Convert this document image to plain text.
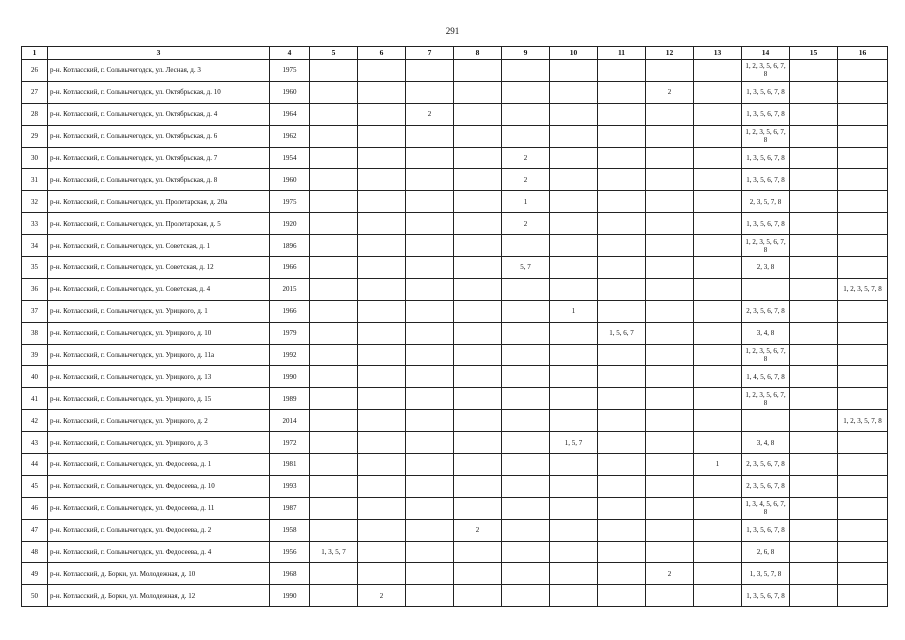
291
1	3	4	5	6	7	8	9	10	11	12	13	14	15	16
26	р-н. Котласский, г. Сольвычегодск, ул. Лесная, д. 3	1975										1, 2, 3, 5, 6, 7, 8		
27	р-н. Котласский, г. Сольвычегодск, ул. Октябрьская, д. 10	1960								2		1, 3, 5, 6, 7, 8		
28	р-н. Котласский, г. Сольвычегодск, ул. Октябрьская, д. 4	1964			2							1, 3, 5, 6, 7, 8		
29	р-н. Котласский, г. Сольвычегодск, ул. Октябрьская, д. 6	1962										1, 2, 3, 5, 6, 7, 8		
30	р-н. Котласский, г. Сольвычегодск, ул. Октябрьская, д. 7	1954					2					1, 3, 5, 6, 7, 8		
31	р-н. Котласский, г. Сольвычегодск, ул. Октябрьская, д. 8	1960					2					1, 3, 5, 6, 7, 8		
32	р-н. Котласский, г. Сольвычегодск, ул. Пролетарская, д. 20а	1975					1					2, 3, 5, 7, 8		
33	р-н. Котласский, г. Сольвычегодск, ул. Пролетарская, д. 5	1920					2					1, 3, 5, 6, 7, 8		
34	р-н. Котласский, г. Сольвычегодск, ул. Советская, д. 1	1896										1, 2, 3, 5, 6, 7, 8		
35	р-н. Котласский, г. Сольвычегодск, ул. Советская, д. 12	1966					5, 7					2, 3, 8		
36	р-н. Котласский, г. Сольвычегодск, ул. Советская, д. 4	2015												1, 2, 3, 5, 7, 8
37	р-н. Котласский, г. Сольвычегодск, ул. Урицкого, д. 1	1966						1				2, 3, 5, 6, 7, 8		
38	р-н. Котласский, г. Сольвычегодск, ул. Урицкого, д. 10	1979							1, 5, 6, 7			3, 4, 8		
39	р-н. Котласский, г. Сольвычегодск, ул. Урицкого, д. 11а	1992										1, 2, 3, 5, 6, 7, 8		
40	р-н. Котласский, г. Сольвычегодск, ул. Урицкого, д. 13	1990										1, 4, 5, 6, 7, 8		
41	р-н. Котласский, г. Сольвычегодск, ул. Урицкого, д. 15	1989										1, 2, 3, 5, 6, 7, 8		
42	р-н. Котласский, г. Сольвычегодск, ул. Урицкого, д. 2	2014												1, 2, 3, 5, 7, 8
43	р-н. Котласский, г. Сольвычегодск, ул. Урицкого, д. 3	1972						1, 5, 7				3, 4, 8		
44	р-н. Котласский, г. Сольвычегодск, ул. Федосеева, д. 1	1981									1	2, 3, 5, 6, 7, 8		
45	р-н. Котласский, г. Сольвычегодск, ул. Федосеева, д. 10	1993										2, 3, 5, 6, 7, 8		
46	р-н. Котласский, г. Сольвычегодск, ул. Федосеева, д. 11	1987										1, 3, 4, 5, 6, 7, 8		
47	р-н. Котласский, г. Сольвычегодск, ул. Федосеева, д. 2	1958				2						1, 3, 5, 6, 7, 8		
48	р-н. Котласский, г. Сольвычегодск, ул. Федосеева, д. 4	1956	1, 3, 5, 7									2, 6, 8		
49	р-н. Котласский, д. Борки, ул. Молодежная, д. 10	1968								2		1, 3, 5, 7, 8		
50	р-н. Котласский, д. Борки, ул. Молодежная, д. 12	1990		2								1, 3, 5, 6, 7, 8		
